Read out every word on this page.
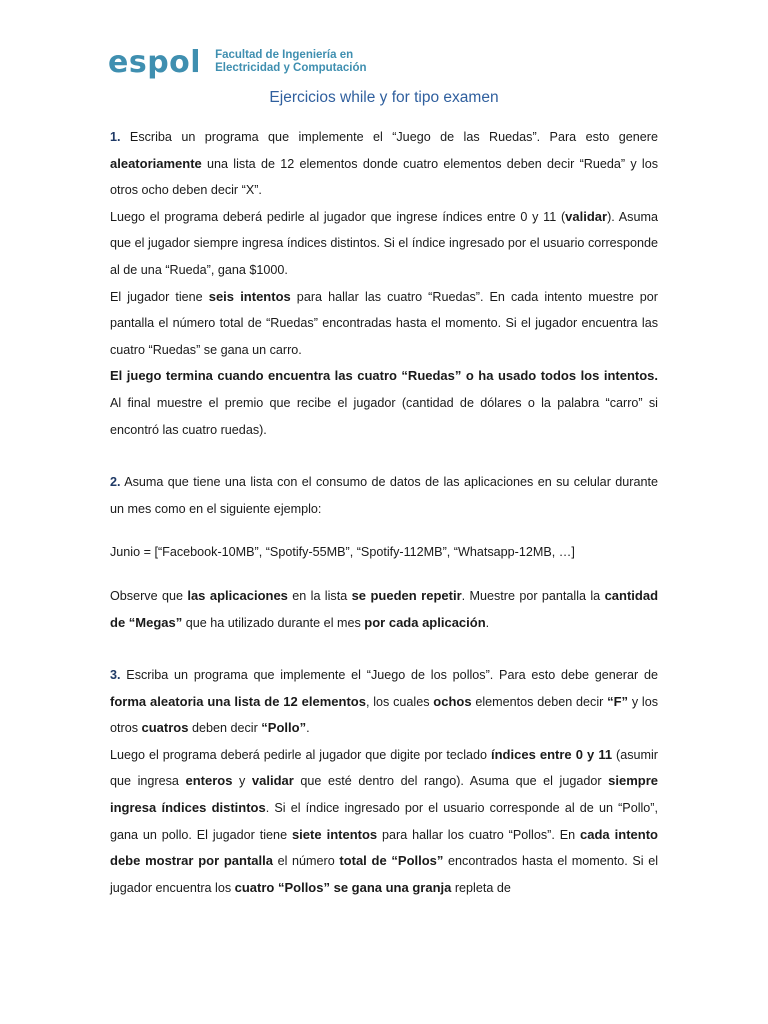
espol Facultad de Ingeniería en
Electricidad y Computación
Ejercicios while y for tipo examen

1. Escriba un programa que implemente el “Juego de las Ruedas”. Para esto genere aleatoriamente una lista de 12 elementos donde cuatro elementos deben decir “Rueda” y los otros ocho deben decir “X”.

Luego el programa deberá pedirle al jugador que ingrese índices entre 0 y 11 (validar). Asuma que el jugador siempre ingresa índices distintos. Si el índice ingresado por el usuario corresponde al de una “Rueda”, gana $1000.

El jugador tiene seis intentos para hallar las cuatro “Ruedas”. En cada intento muestre por pantalla el número total de “Ruedas” encontradas hasta el momento. Si el jugador encuentra las cuatro “Ruedas” se gana un carro.

El juego termina cuando encuentra las cuatro “Ruedas” o ha usado todos los intentos. Al final muestre el premio que recibe el jugador (cantidad de dólares o la palabra “carro” si encontró las cuatro ruedas).

2. Asuma que tiene una lista con el consumo de datos de las aplicaciones en su celular durante un mes como en el siguiente ejemplo:

Junio = [“Facebook-10MB”, “Spotify-55MB”, “Spotify-112MB”, “Whatsapp-12MB, …]

Observe que las aplicaciones en la lista se pueden repetir. Muestre por pantalla la cantidad de “Megas” que ha utilizado durante el mes por cada aplicación.

3. Escriba un programa que implemente el “Juego de los pollos”. Para esto debe generar de forma aleatoria una lista de 12 elementos, los cuales ochos elementos deben decir “F” y los otros cuatros deben decir “Pollo”.

Luego el programa deberá pedirle al jugador que digite por teclado índices entre 0 y 11 (asumir que ingresa enteros y validar que esté dentro del rango). Asuma que el jugador siempre ingresa índices distintos. Si el índice ingresado por el usuario corresponde al de un “Pollo”, gana un pollo. El jugador tiene siete intentos para hallar los cuatro “Pollos”. En cada intento debe mostrar por pantalla el número total de “Pollos” encontrados hasta el momento. Si el jugador encuentra los cuatro “Pollos” se gana una granja repleta de
